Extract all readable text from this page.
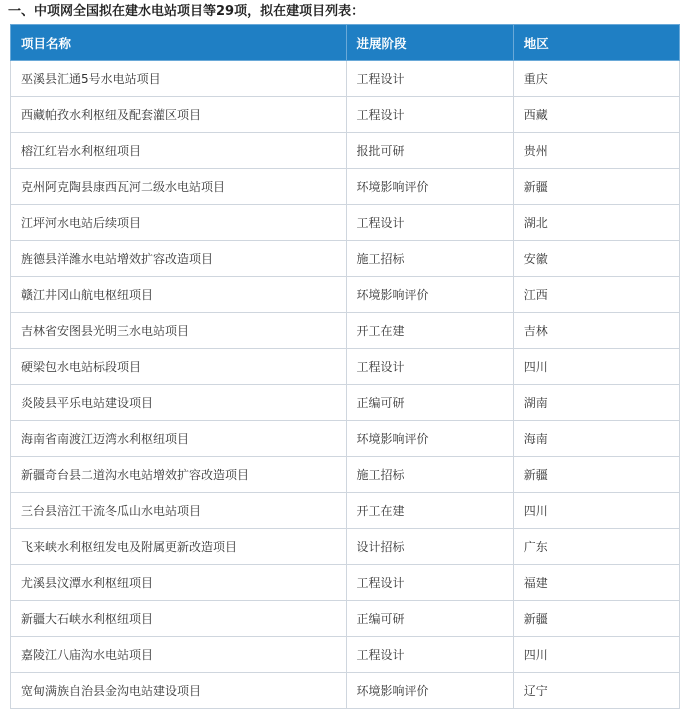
一、中项网全国拟在建水电站项目等29项，拟在建项目列表：
项目名称	进展阶段	地区
巫溪县汇通5号水电站项目	工程设计	重庆
西藏帕孜水利枢纽及配套灌区项目	工程设计	西藏
榕江红岩水利枢纽项目	报批可研	贵州
克州阿克陶县康西瓦河二级水电站项目	环境影响评价	新疆
江坪河水电站后续项目	工程设计	湖北
旌德县洋潍水电站增效扩容改造项目	施工招标	安徽
赣江井冈山航电枢纽项目	环境影响评价	江西
吉林省安图县光明三水电站项目	开工在建	吉林
硬梁包水电站标段项目	工程设计	四川
炎陵县平乐电站建设项目	正编可研	湖南
海南省南渡江迈湾水利枢纽项目	环境影响评价	海南
新疆奇台县二道沟水电站增效扩容改造项目	施工招标	新疆
三台县涪江干流冬瓜山水电站项目	开工在建	四川
飞来峡水利枢纽发电及附属更新改造项目	设计招标	广东
尤溪县汶潭水利枢纽项目	工程设计	福建
新疆大石峡水利枢纽项目	正编可研	新疆
嘉陵江八庙沟水电站项目	工程设计	四川
宽甸满族自治县金沟电站建设项目	环境影响评价	辽宁
